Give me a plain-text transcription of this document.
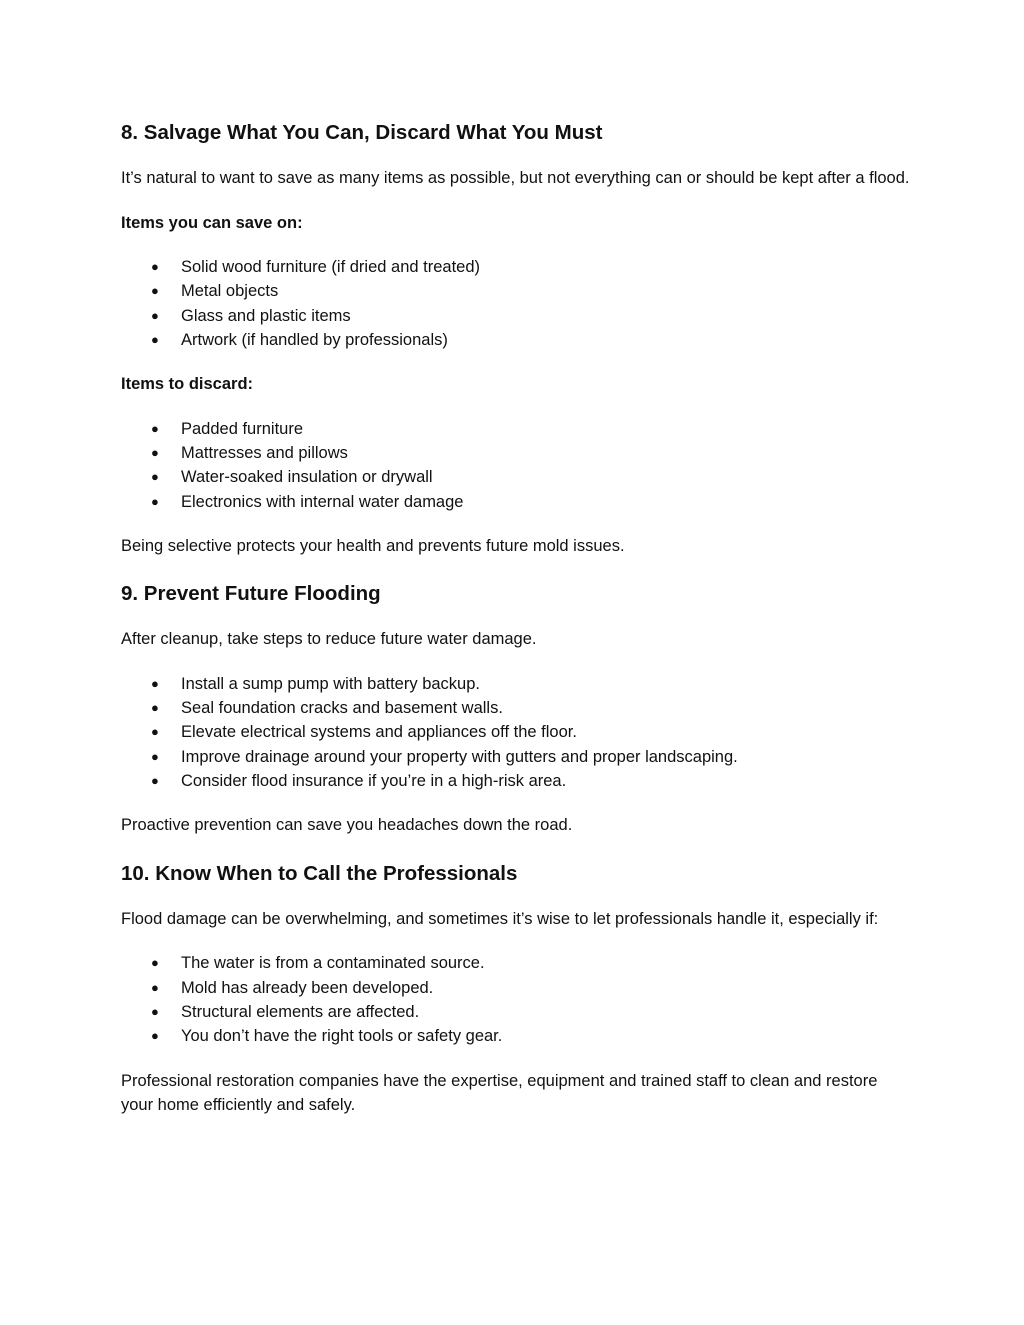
8. Salvage What You Can, Discard What You Must

It’s natural to want to save as many items as possible, but not everything can or should be kept after a flood.

Items you can save on:

● Solid wood furniture (if dried and treated)
● Metal objects
● Glass and plastic items
● Artwork (if handled by professionals)

Items to discard:

● Padded furniture
● Mattresses and pillows
● Water-soaked insulation or drywall
● Electronics with internal water damage

Being selective protects your health and prevents future mold issues.

9. Prevent Future Flooding

After cleanup, take steps to reduce future water damage.

● Install a sump pump with battery backup.
● Seal foundation cracks and basement walls.
● Elevate electrical systems and appliances off the floor.
● Improve drainage around your property with gutters and proper landscaping.
● Consider flood insurance if you’re in a high-risk area.

Proactive prevention can save you headaches down the road.

10. Know When to Call the Professionals

Flood damage can be overwhelming, and sometimes it’s wise to let professionals handle it, especially if:

● The water is from a contaminated source.
● Mold has already been developed.
● Structural elements are affected.
● You don’t have the right tools or safety gear.

Professional restoration companies have the expertise, equipment and trained staff to clean and restore your home efficiently and safely.
